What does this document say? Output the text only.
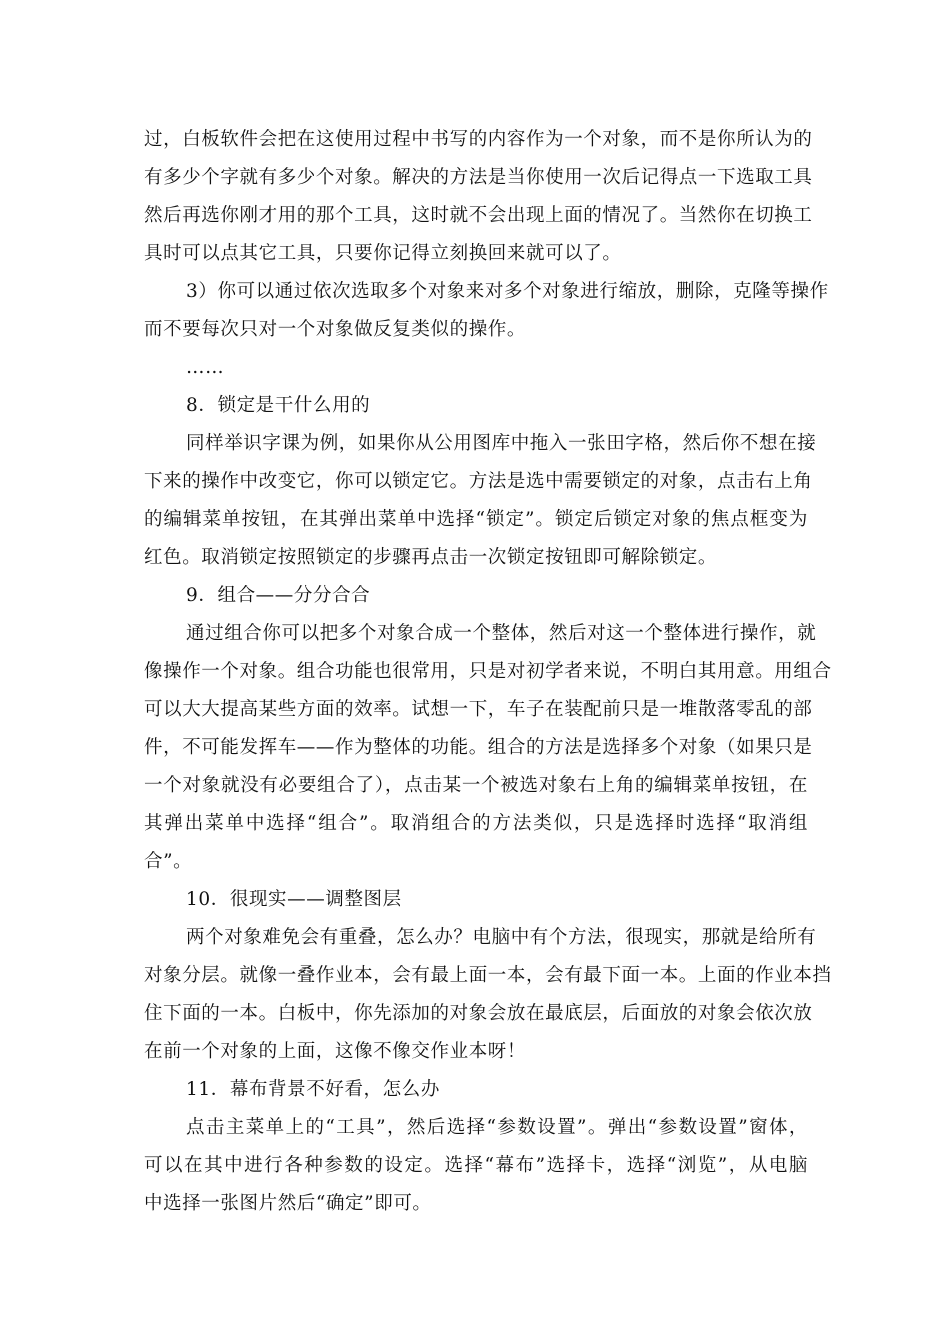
过，白板软件会把在这使用过程中书写的内容作为一个对象，而不是你所认为的
有多少个字就有多少个对象。解决的方法是当你使用一次后记得点一下选取工具
然后再选你刚才用的那个工具，这时就不会出现上面的情况了。当然你在切换工
具时可以点其它工具，只要你记得立刻换回来就可以了。
3）你可以通过依次选取多个对象来对多个对象进行缩放，删除，克隆等操作
而不要每次只对一个对象做反复类似的操作。
……
8．锁定是干什么用的
同样举识字课为例，如果你从公用图库中拖入一张田字格，然后你不想在接
下来的操作中改变它，你可以锁定它。方法是选中需要锁定的对象，点击右上角
的编辑菜单按钮，在其弹出菜单中选择“锁定”。锁定后锁定对象的焦点框变为
红色。取消锁定按照锁定的步骤再点击一次锁定按钮即可解除锁定。
9．组合——分分合合
通过组合你可以把多个对象合成一个整体，然后对这一个整体进行操作，就
像操作一个对象。组合功能也很常用，只是对初学者来说，不明白其用意。用组合
可以大大提高某些方面的效率。试想一下，车子在装配前只是一堆散落零乱的部
件，不可能发挥车——作为整体的功能。组合的方法是选择多个对象（如果只是
一个对象就没有必要组合了），点击某一个被选对象右上角的编辑菜单按钮，在
其弹出菜单中选择“组合”。取消组合的方法类似，只是选择时选择“取消组
合”。
10．很现实——调整图层
两个对象难免会有重叠，怎么办？电脑中有个方法，很现实，那就是给所有
对象分层。就像一叠作业本，会有最上面一本，会有最下面一本。上面的作业本挡
住下面的一本。白板中，你先添加的对象会放在最底层，后面放的对象会依次放
在前一个对象的上面，这像不像交作业本呀！
11．幕布背景不好看，怎么办
点击主菜单上的“工具”，然后选择“参数设置”。弹出“参数设置”窗体，
可以在其中进行各种参数的设定。选择“幕布”选择卡，选择“浏览”，从电脑
中选择一张图片然后“确定”即可。
